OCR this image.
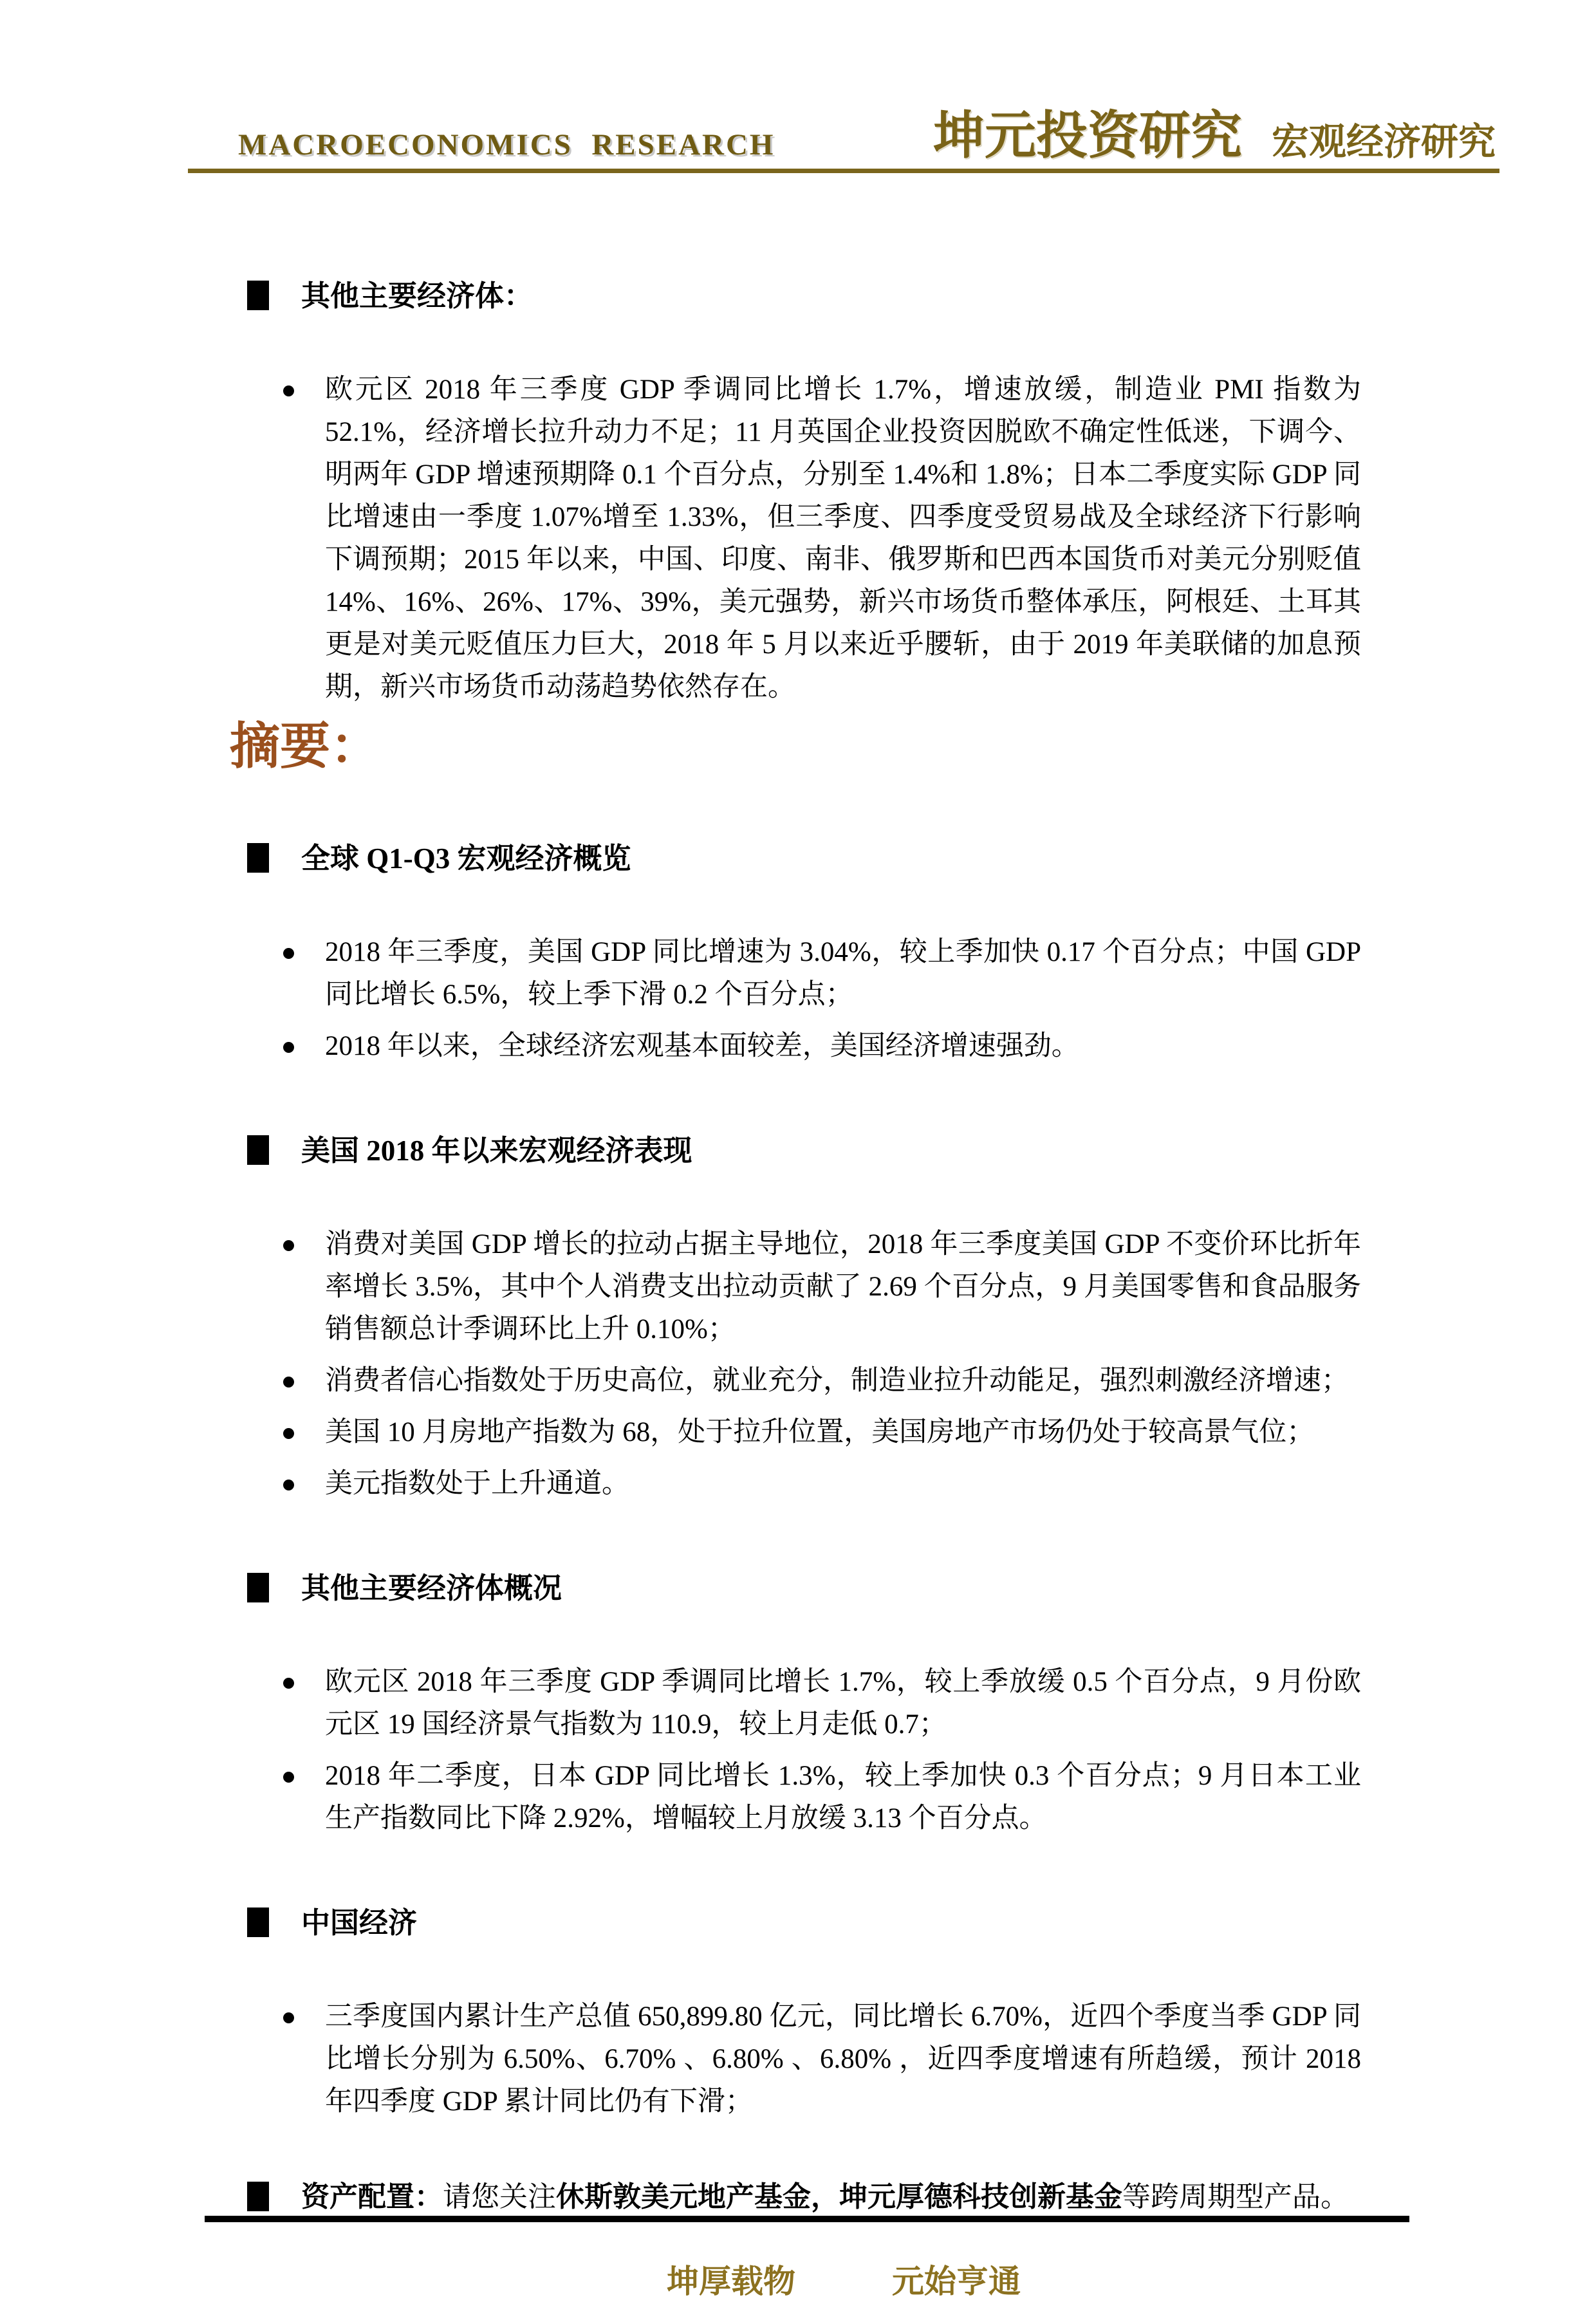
MACROECONOMICS  RESEARCH	坤元投资研究 宏观经济研究
其他主要经济体：
欧元区 2018 年三季度 GDP 季调同比增长 1.7%，增速放缓，制造业 PMI 指数为 52.1%，经济增长拉升动力不足；11 月英国企业投资因脱欧不确定性低迷，下调今、明两年 GDP 增速预期降 0.1 个百分点，分别至 1.4%和 1.8%；日本二季度实际 GDP 同比增速由一季度 1.07%增至 1.33%，但三季度、四季度受贸易战及全球经济下行影响下调预期；2015 年以来，中国、印度、南非、俄罗斯和巴西本国货币对美元分别贬值 14%、16%、26%、17%、39%，美元强势，新兴市场货币整体承压，阿根廷、土耳其更是对美元贬值压力巨大，2018 年 5 月以来近乎腰斩，由于 2019 年美联储的加息预期，新兴市场货币动荡趋势依然存在。
摘要：
全球 Q1-Q3 宏观经济概览
2018 年三季度，美国 GDP 同比增速为 3.04%，较上季加快 0.17 个百分点；中国 GDP 同比增长 6.5%，较上季下滑 0.2 个百分点；
2018 年以来，全球经济宏观基本面较差，美国经济增速强劲。
美国 2018 年以来宏观经济表现
消费对美国 GDP 增长的拉动占据主导地位，2018 年三季度美国 GDP 不变价环比折年率增长 3.5%，其中个人消费支出拉动贡献了 2.69 个百分点，9 月美国零售和食品服务销售额总计季调环比上升 0.10%；
消费者信心指数处于历史高位，就业充分，制造业拉升动能足，强烈刺激经济增速；
美国 10 月房地产指数为 68，处于拉升位置，美国房地产市场仍处于较高景气位；
美元指数处于上升通道。
其他主要经济体概况
欧元区 2018 年三季度 GDP 季调同比增长 1.7%，较上季放缓 0.5 个百分点，9 月份欧元区 19 国经济景气指数为 110.9，较上月走低 0.7；
2018 年二季度，日本 GDP 同比增长 1.3%，较上季加快 0.3 个百分点；9 月日本工业生产指数同比下降 2.92%，增幅较上月放缓 3.13 个百分点。
中国经济
三季度国内累计生产总值 650,899.80 亿元，同比增长 6.70%，近四个季度当季 GDP 同比增长分别为 6.50%、6.70% 、6.80% 、6.80% ，近四季度增速有所趋缓，预计 2018 年四季度 GDP 累计同比仍有下滑；
资产配置：请您关注休斯敦美元地产基金，坤元厚德科技创新基金等跨周期型产品。
坤厚载物	元始亨通
